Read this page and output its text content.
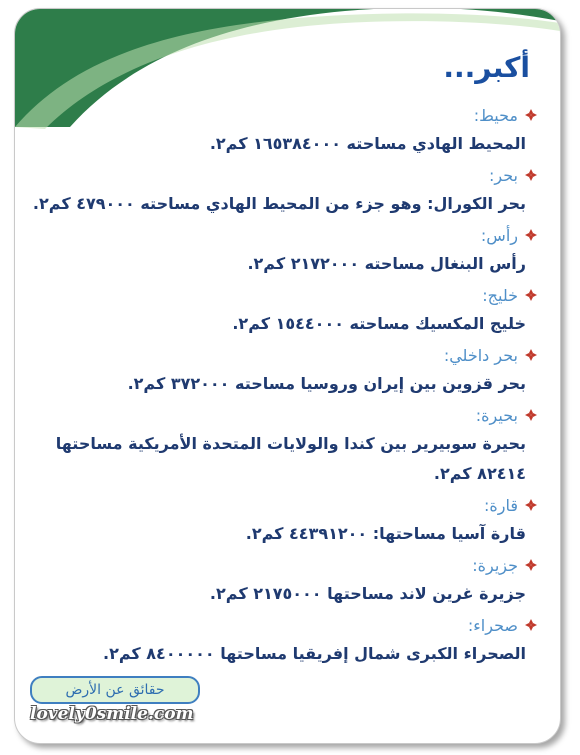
أكبر...
محيط:
المحيط الهادي مساحته ١٦٥٣٨٤٠٠٠ كم٢.
بحر:
بحر الكورال: وهو جزء من المحيط الهادي مساحته ٤٧٩٠٠٠ كم٢.
رأس:
رأس البنغال مساحته ٢١٧٢٠٠٠ كم٢.
خليج:
خليج المكسيك مساحته ١٥٤٤٠٠٠ كم٢.
بحر داخلي:
بحر قزوين بين إيران وروسيا مساحته ٣٧٢٠٠٠ كم٢.
بحيرة:
بحيرة سوبيرير بين كندا والولايات المتحدة الأمريكية مساحتها ٨٢٤١٤ كم٢.
قارة:
قارة آسيا مساحتها: ٤٤٣٩١٢٠٠ كم٢.
جزيرة:
جزيرة غرين لاند مساحتها ٢١٧٥٠٠٠ كم٢.
صحراء:
الصحراء الكبرى شمال إفريقيا مساحتها ٨٤٠٠٠٠٠ كم٢.
حقائق عن الأرض
lovely0smile.com
